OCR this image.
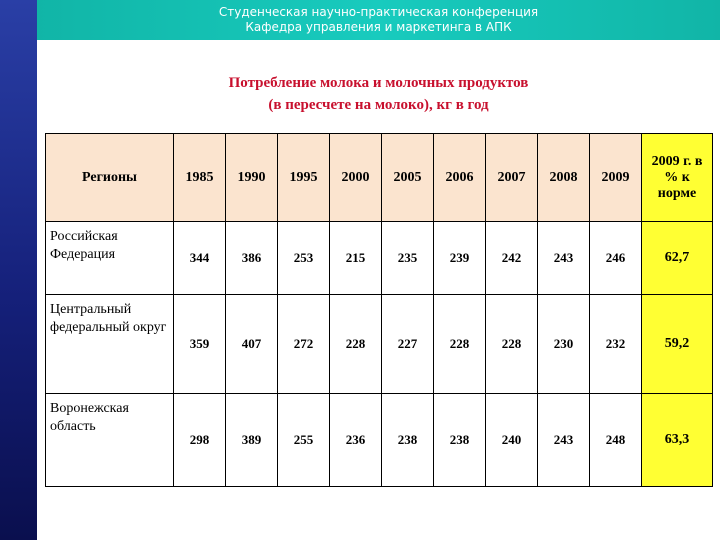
Студенческая научно-практическая конференция
Кафедра управления и маркетинга в АПК
Потребление молока и молочных продуктов
(в пересчете на молоко), кг в год
Регионы	1985	1990	1995	2000	2005	2006	2007	2008	2009	2009 г. в % к норме
Российская Федерация	344	386	253	215	235	239	242	243	246	62,7
Центральный федеральный округ	359	407	272	228	227	228	228	230	232	59,2
Воронежская область	298	389	255	236	238	238	240	243	248	63,3
